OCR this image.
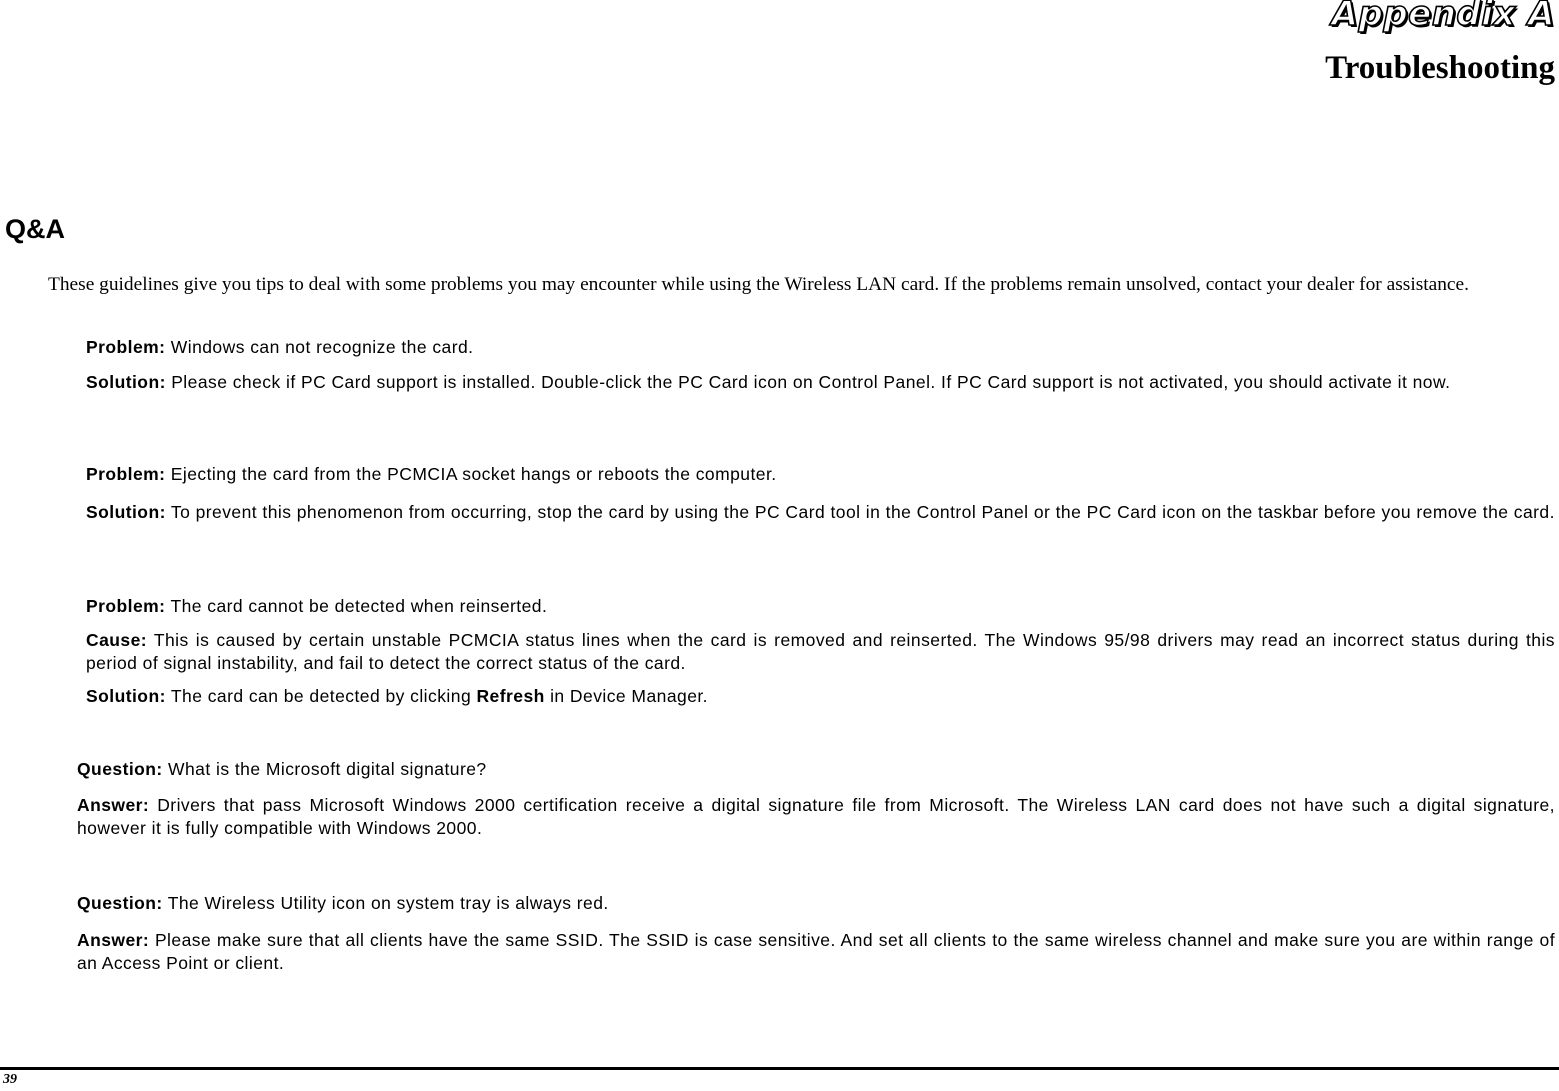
Appendix A
Troubleshooting
Q&A
These guidelines give you tips to deal with some problems you may encounter while using the Wireless LAN card. If the problems remain unsolved, contact your dealer for assistance.
Problem: Windows can not recognize the card.
Solution: Please check if PC Card support is installed. Double-click the PC Card icon on Control Panel. If PC Card support is not activated, you should activate it now.
Problem: Ejecting the card from the PCMCIA socket hangs or reboots the computer.
Solution: To prevent this phenomenon from occurring, stop the card by using the PC Card tool in the Control Panel or the PC Card icon on the taskbar before you remove the card.
Problem: The card cannot be detected when reinserted.
Cause: This is caused by certain unstable PCMCIA status lines when the card is removed and reinserted. The Windows 95/98 drivers may read an incorrect status during this period of signal instability, and fail to detect the correct status of the card.
Solution: The card can be detected by clicking Refresh in Device Manager.
Question: What is the Microsoft digital signature?
Answer: Drivers that pass Microsoft Windows 2000 certification receive a digital signature file from Microsoft. The Wireless LAN card does not have such a digital signature, however it is fully compatible with Windows 2000.
Question: The Wireless Utility icon on system tray is always red.
Answer: Please make sure that all clients have the same SSID. The SSID is case sensitive. And set all clients to the same wireless channel and make sure you are within range of an Access Point or client.
39
